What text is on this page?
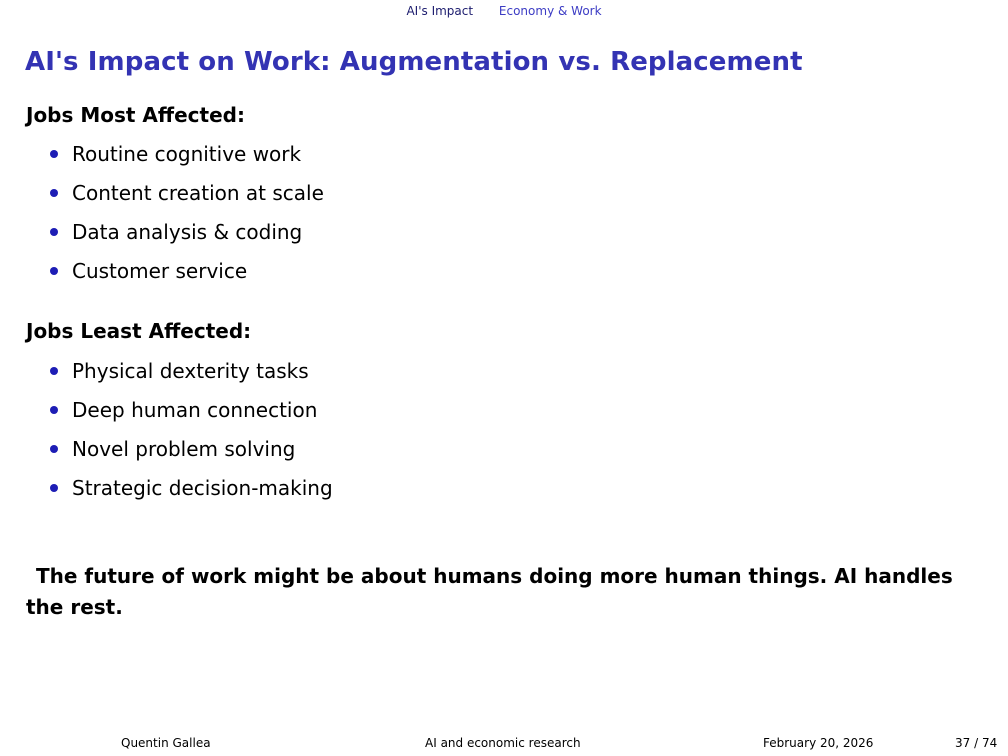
AI's Impact Economy & Work
AI's Impact on Work: Augmentation vs. Replacement
Jobs Most Affected:
Routine cognitive work
Content creation at scale
Data analysis & coding
Customer service
Jobs Least Affected:
Physical dexterity tasks
Deep human connection
Novel problem solving
Strategic decision-making

The future of work might be about humans doing more human things. AI handles the rest.

Quentin Gallea	AI and economic research	February 20, 2026	37 / 74
